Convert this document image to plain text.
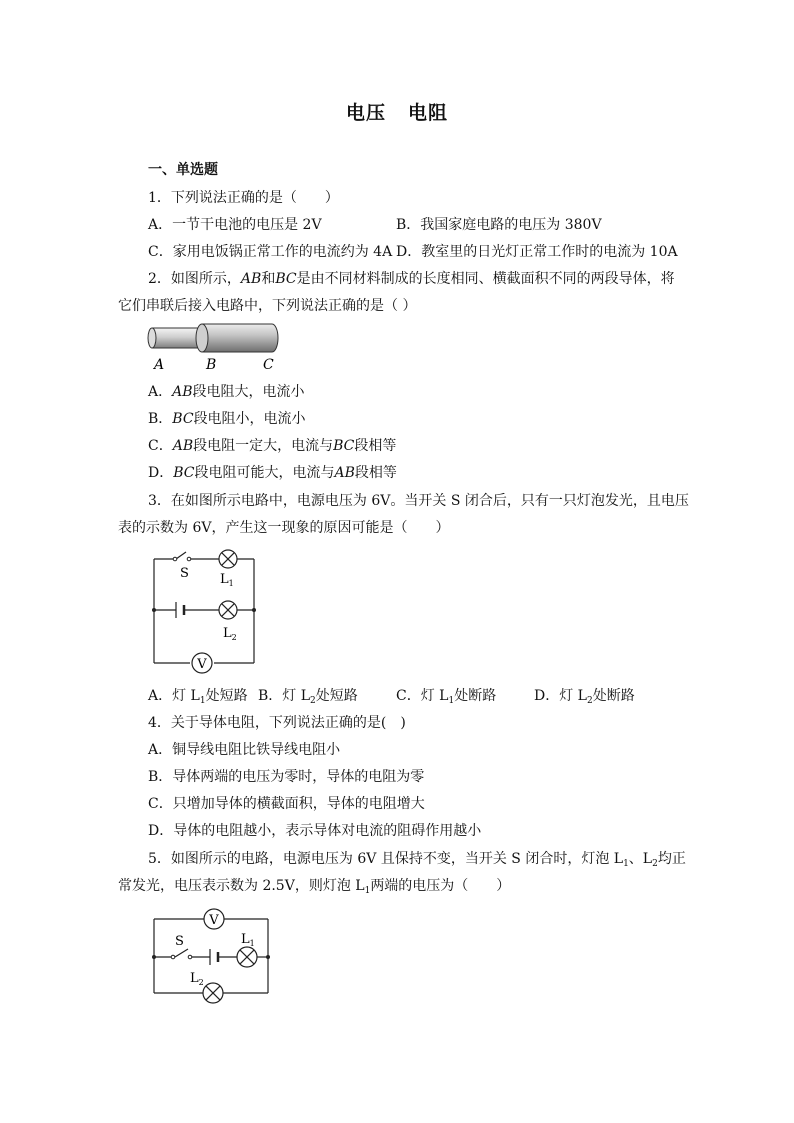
电压 电阻
一、单选题
1．下列说法正确的是（　　）
A．一节干电池的电压是 2V	B．我国家庭电路的电压为 380V
C．家用电饭锅正常工作的电流约为 4A D．教室里的日光灯正常工作时的电流为 10A
2．如图所示，AB和BC是由不同材料制成的长度相同、横截面积不同的两段导体，将
它们串联后接入电路中，下列说法正确的是（ ）
A	B	C
A．AB段电阻大，电流小
B．BC段电阻小，电流小
C．AB段电阻一定大，电流与BC段相等
D．BC段电阻可能大，电流与AB段相等
3．在如图所示电路中，电源电压为 6V。当开关 S 闭合后，只有一只灯泡发光，且电压
表的示数为 6V，产生这一现象的原因可能是（　　）
V
S $L_1$
$L_2$
A．灯 $L_1$处短路 B．灯 $L_2$处短路	C．灯 $L_1$处断路	D．灯 $L_2$处断路
4．关于导体电阻，下列说法正确的是(　)
A．铜导线电阻比铁导线电阻小
B．导体两端的电压为零时，导体的电阻为零
C．只增加导体的横截面积，导体的电阻增大
D．导体的电阻越小，表示导体对电流的阻碍作用越小
5．如图所示的电路，电源电压为 6V 且保持不变，当开关 S 闭合时，灯泡 $L_1$、$L_2$均正
常发光，电压表示数为 2.5V，则灯泡 $L_1$两端的电压为（　　）
V
S	$L_1$
$L_2$
